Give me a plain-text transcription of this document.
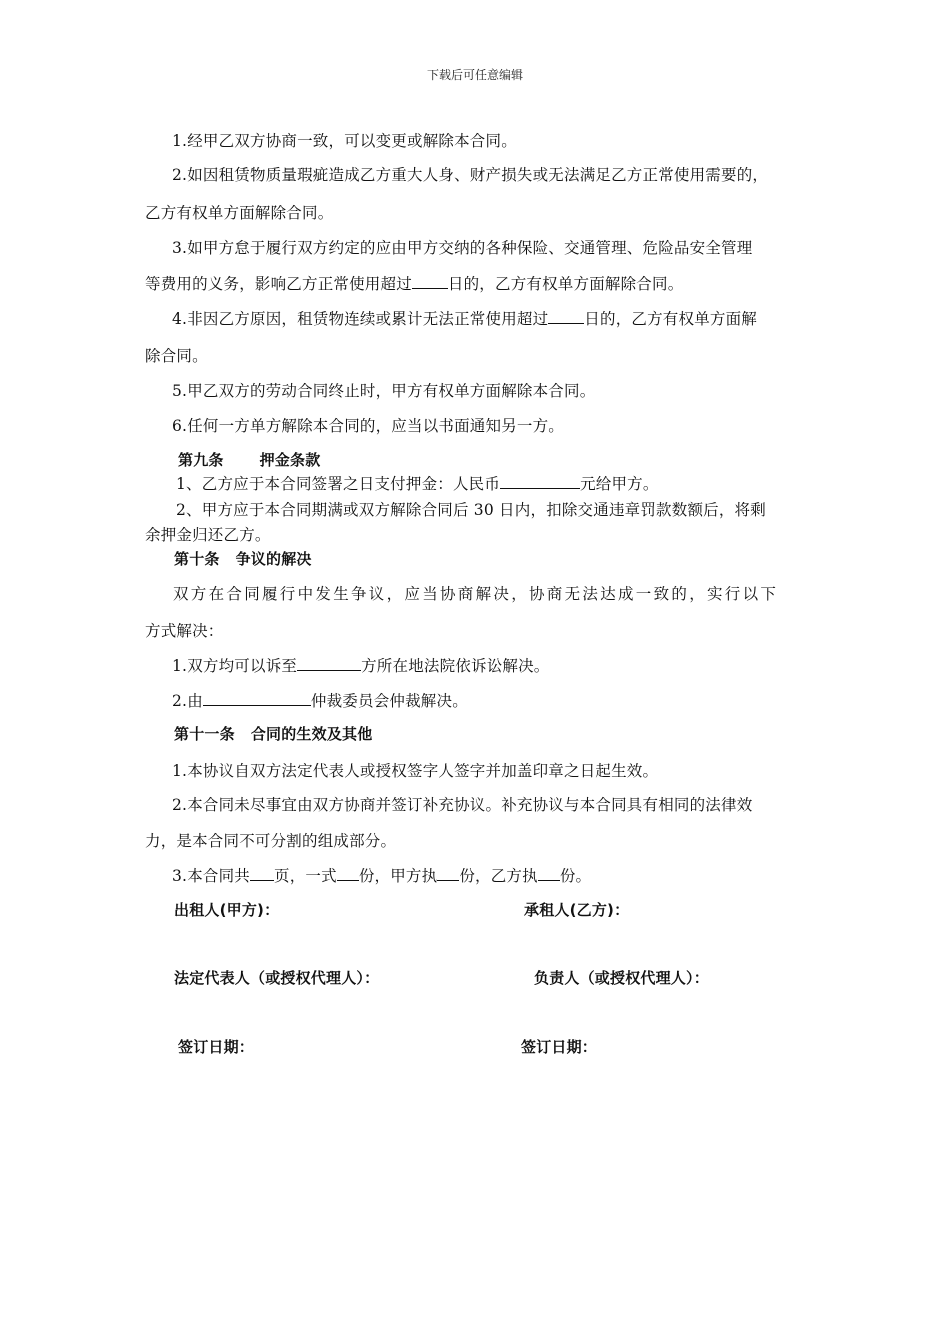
下载后可任意编辑
1.经甲乙双方协商一致，可以变更或解除本合同。
2.如因租赁物质量瑕疵造成乙方重大人身、财产损失或无法满足乙方正常使用需要的，
乙方有权单方面解除合同。
3.如甲方怠于履行双方约定的应由甲方交纳的各种保险、交通管理、危险品安全管理
等费用的义务，影响乙方正常使用超过 日的，乙方有权单方面解除合同。
4.非因乙方原因，租赁物连续或累计无法正常使用超过 日的，乙方有权单方面解
除合同。
5.甲乙双方的劳动合同终止时，甲方有权单方面解除本合同。
6.任何一方单方解除本合同的，应当以书面通知另一方。
第九条 押金条款
1、乙方应于本合同签署之日支付押金：人民币	元给甲方。
2、甲方应于本合同期满或双方解除合同后 30 日内，扣除交通违章罚款数额后，将剩
余押金归还乙方。
第十条 争议的解决
双方在合同履行中发生争议，应当协商解决，协商无法达成一致的，实行以下
方式解决：
1.双方均可以诉至	方所在地法院依诉讼解决。
2.由	仲裁委员会仲裁解决。
第十一条 合同的生效及其他
1.本协议自双方法定代表人或授权签字人签字并加盖印章之日起生效。
2.本合同未尽事宜由双方协商并签订补充协议。补充协议与本合同具有相同的法律效
力，是本合同不可分割的组成部分。
3.本合同共 页，一式 份，甲方执 份，乙方执 份。
出租人(甲方)：	承租人(乙方)：
法定代表人（或授权代理人）：	负责人（或授权代理人）：
签订日期：	签订日期：
